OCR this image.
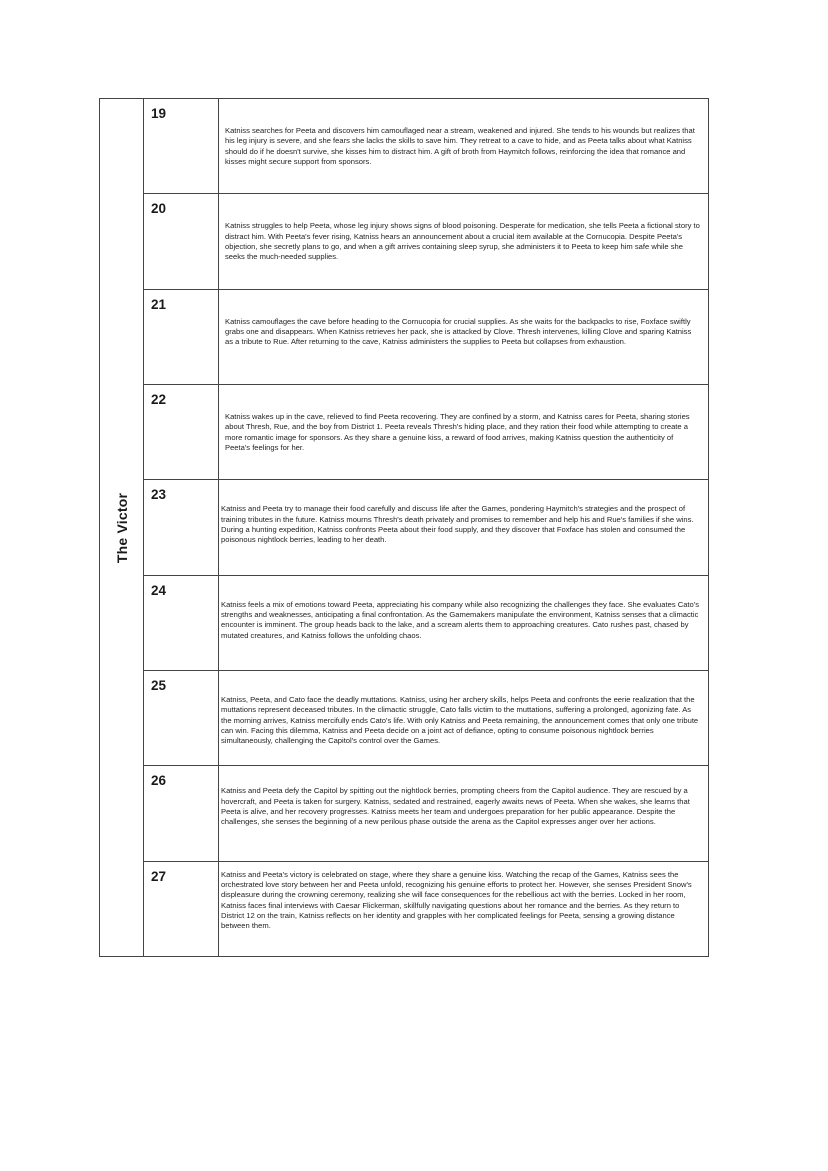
The Victor
19
Katniss searches for Peeta and discovers him camouflaged near a stream, weakened and injured. She tends to his wounds but realizes that his leg injury is severe, and she fears she lacks the skills to save him. They retreat to a cave to hide, and as Peeta talks about what Katniss should do if he doesn't survive, she kisses him to distract him. A gift of broth from Haymitch follows, reinforcing the idea that romance and kisses might secure support from sponsors.
20
Katniss struggles to help Peeta, whose leg injury shows signs of blood poisoning. Desperate for medication, she tells Peeta a fictional story to distract him. With Peeta's fever rising, Katniss hears an announcement about a crucial item available at the Cornucopia. Despite Peeta's objection, she secretly plans to go, and when a gift arrives containing sleep syrup, she administers it to Peeta to keep him safe while she seeks the much-needed supplies.
21
Katniss camouflages the cave before heading to the Cornucopia for crucial supplies. As she waits for the backpacks to rise, Foxface swiftly grabs one and disappears. When Katniss retrieves her pack, she is attacked by Clove. Thresh intervenes, killing Clove and sparing Katniss as a tribute to Rue. After returning to the cave, Katniss administers the supplies to Peeta but collapses from exhaustion.
22
Katniss wakes up in the cave, relieved to find Peeta recovering. They are confined by a storm, and Katniss cares for Peeta, sharing stories about Thresh, Rue, and the boy from District 1. Peeta reveals Thresh's hiding place, and they ration their food while attempting to create a more romantic image for sponsors. As they share a genuine kiss, a reward of food arrives, making Katniss question the authenticity of Peeta's feelings for her.
23
Katniss and Peeta try to manage their food carefully and discuss life after the Games, pondering Haymitch's strategies and the prospect of training tributes in the future. Katniss mourns Thresh's death privately and promises to remember and help his and Rue's families if she wins. During a hunting expedition, Katniss confronts Peeta about their food supply, and they discover that Foxface has stolen and consumed the poisonous nightlock berries, leading to her death.
24
Katniss feels a mix of emotions toward Peeta, appreciating his company while also recognizing the challenges they face. She evaluates Cato's strengths and weaknesses, anticipating a final confrontation. As the Gamemakers manipulate the environment, Katniss senses that a climactic encounter is imminent. The group heads back to the lake, and a scream alerts them to approaching creatures. Cato rushes past, chased by mutated creatures, and Katniss follows the unfolding chaos.
25
Katniss, Peeta, and Cato face the deadly muttations. Katniss, using her archery skills, helps Peeta and confronts the eerie realization that the muttations represent deceased tributes. In the climactic struggle, Cato falls victim to the muttations, suffering a prolonged, agonizing fate. As the morning arrives, Katniss mercifully ends Cato's life. With only Katniss and Peeta remaining, the announcement comes that only one tribute can win. Facing this dilemma, Katniss and Peeta decide on a joint act of defiance, opting to consume poisonous nightlock berries simultaneously, challenging the Capitol's control over the Games.
26
Katniss and Peeta defy the Capitol by spitting out the nightlock berries, prompting cheers from the Capitol audience. They are rescued by a hovercraft, and Peeta is taken for surgery. Katniss, sedated and restrained, eagerly awaits news of Peeta. When she wakes, she learns that Peeta is alive, and her recovery progresses. Katniss meets her team and undergoes preparation for her public appearance. Despite the challenges, she senses the beginning of a new perilous phase outside the arena as the Capitol expresses anger over her actions.
27	Katniss and Peeta's victory is celebrated on stage, where they share a genuine kiss. Watching the recap of the Games, Katniss sees the orchestrated love story between her and Peeta unfold, recognizing his genuine efforts to protect her. However, she senses President Snow's displeasure during the crowning ceremony, realizing she will face consequences for the rebellious act with the berries. Locked in her room, Katniss faces final interviews with Caesar Flickerman, skillfully navigating questions about her romance and the berries. As they return to District 12 on the train, Katniss reflects on her identity and grapples with her complicated feelings for Peeta, sensing a growing distance between them.
